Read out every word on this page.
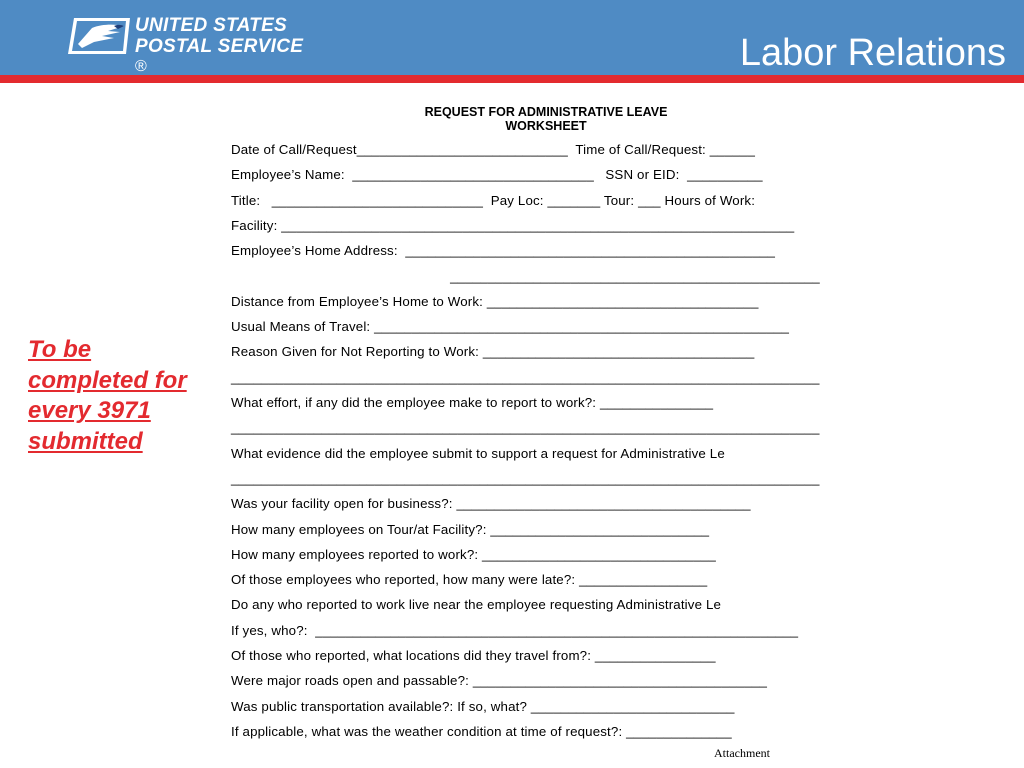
UNITED STATES
POSTAL SERVICE ®	Labor Relations
To be
completed for
every 3971
submitted
REQUEST FOR ADMINISTRATIVE LEAVE
WORKSHEET
Date of Call/Request____________________________  Time of Call/Request: ______
Employee’s Name:  ________________________________   SSN or EID:  __________
Title:   ____________________________  Pay Loc: _______ Tour: ___ Hours of Work:
Facility: ____________________________________________________________________
Employee’s Home Address:  _________________________________________________
_________________________________________________
Distance from Employee’s Home to Work: ____________________________________
Usual Means of Travel: _______________________________________________________
Reason Given for Not Reporting to Work: ____________________________________
______________________________________________________________________________
What effort, if any did the employee make to report to work?: _______________
______________________________________________________________________________
What evidence did the employee submit to support a request for Administrative Le
______________________________________________________________________________
Was your facility open for business?: _______________________________________
How many employees on Tour/at Facility?: _____________________________
How many employees reported to work?: _______________________________
Of those employees who reported, how many were late?: _________________
Do any who reported to work live near the employee requesting Administrative Le
If yes, who?:  ________________________________________________________________
Of those who reported, what locations did they travel from?: ________________
Were major roads open and passable?: _______________________________________
Was public transportation available?: If so, what? ___________________________
If applicable, what was the weather condition at time of request?: ______________
Attachment
